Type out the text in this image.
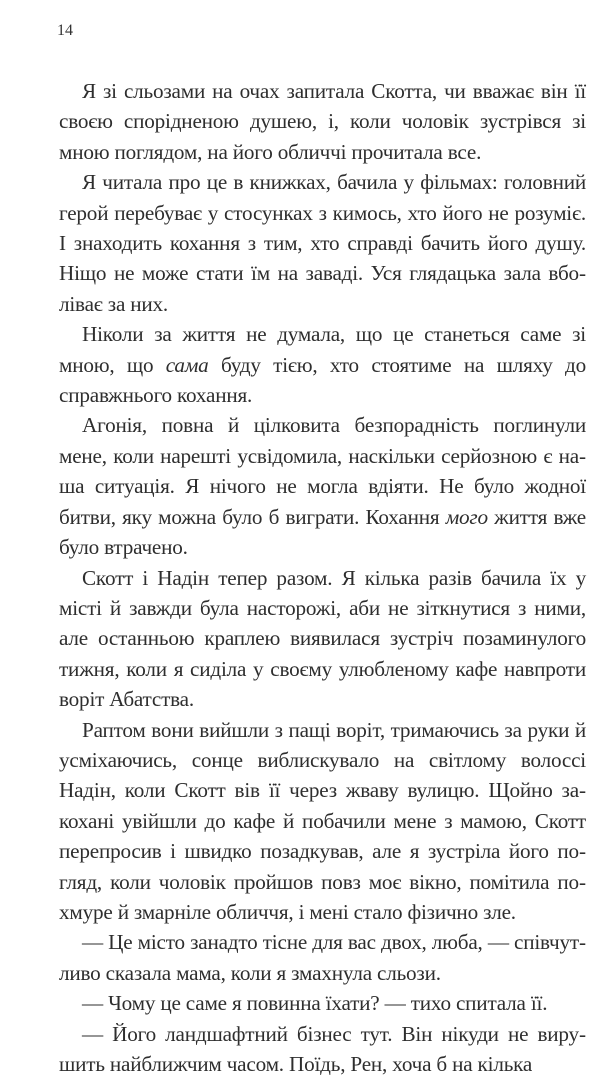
14

Я зі сльозами на очах запитала Скотта, чи вважає він її своєю спорідненою душею, і, коли чоловік зустрівся зі мною поглядом, на його обличчі прочитала все.

Я читала про це в книжках, бачила у фільмах: головний герой перебуває у стосунках з кимось, хто його не розуміє. І знаходить кохання з тим, хто справді бачить його душу. Ніщо не може стати їм на заваді. Уся глядацька зала вболіває за них.

Ніколи за життя не думала, що це станеться саме зі мною, що сама буду тією, хто стоятиме на шляху до справжнього кохання.

Агонія, повна й цілковита безпорадність поглинули мене, коли нарешті усвідомила, наскільки серйозною є наша ситуація. Я нічого не могла вдіяти. Не було жодної битви, яку можна було б виграти. Кохання мого життя вже було втрачено.

Скотт і Надін тепер разом. Я кілька разів бачила їх у місті й завжди була насторожі, аби не зіткнутися з ними, але останньою краплею виявилася зустріч позаминулого тижня, коли я сиділа у своєму улюбленому кафе навпроти воріт Абатства.

Раптом вони вийшли з пащі воріт, тримаючись за руки й усміхаючись, сонце виблискувало на світлому волоссі Надін, коли Скотт вів її через жваву вулицю. Щойно закохані увійшли до кафе й побачили мене з мамою, Скотт перепросив і швидко позадкував, але я зустріла його погляд, коли чоловік пройшов повз моє вікно, помітила похмуре й змарніле обличчя, і мені стало фізично зле.

— Це місто занадто тісне для вас двох, люба, — співчутливо сказала мама, коли я змахнула сльози.

— Чому це саме я повинна їхати? — тихо спитала її.

— Його ландшафтний бізнес тут. Він нікуди не вирушить найближчим часом. Поїдь, Рен, хоча б на кілька
